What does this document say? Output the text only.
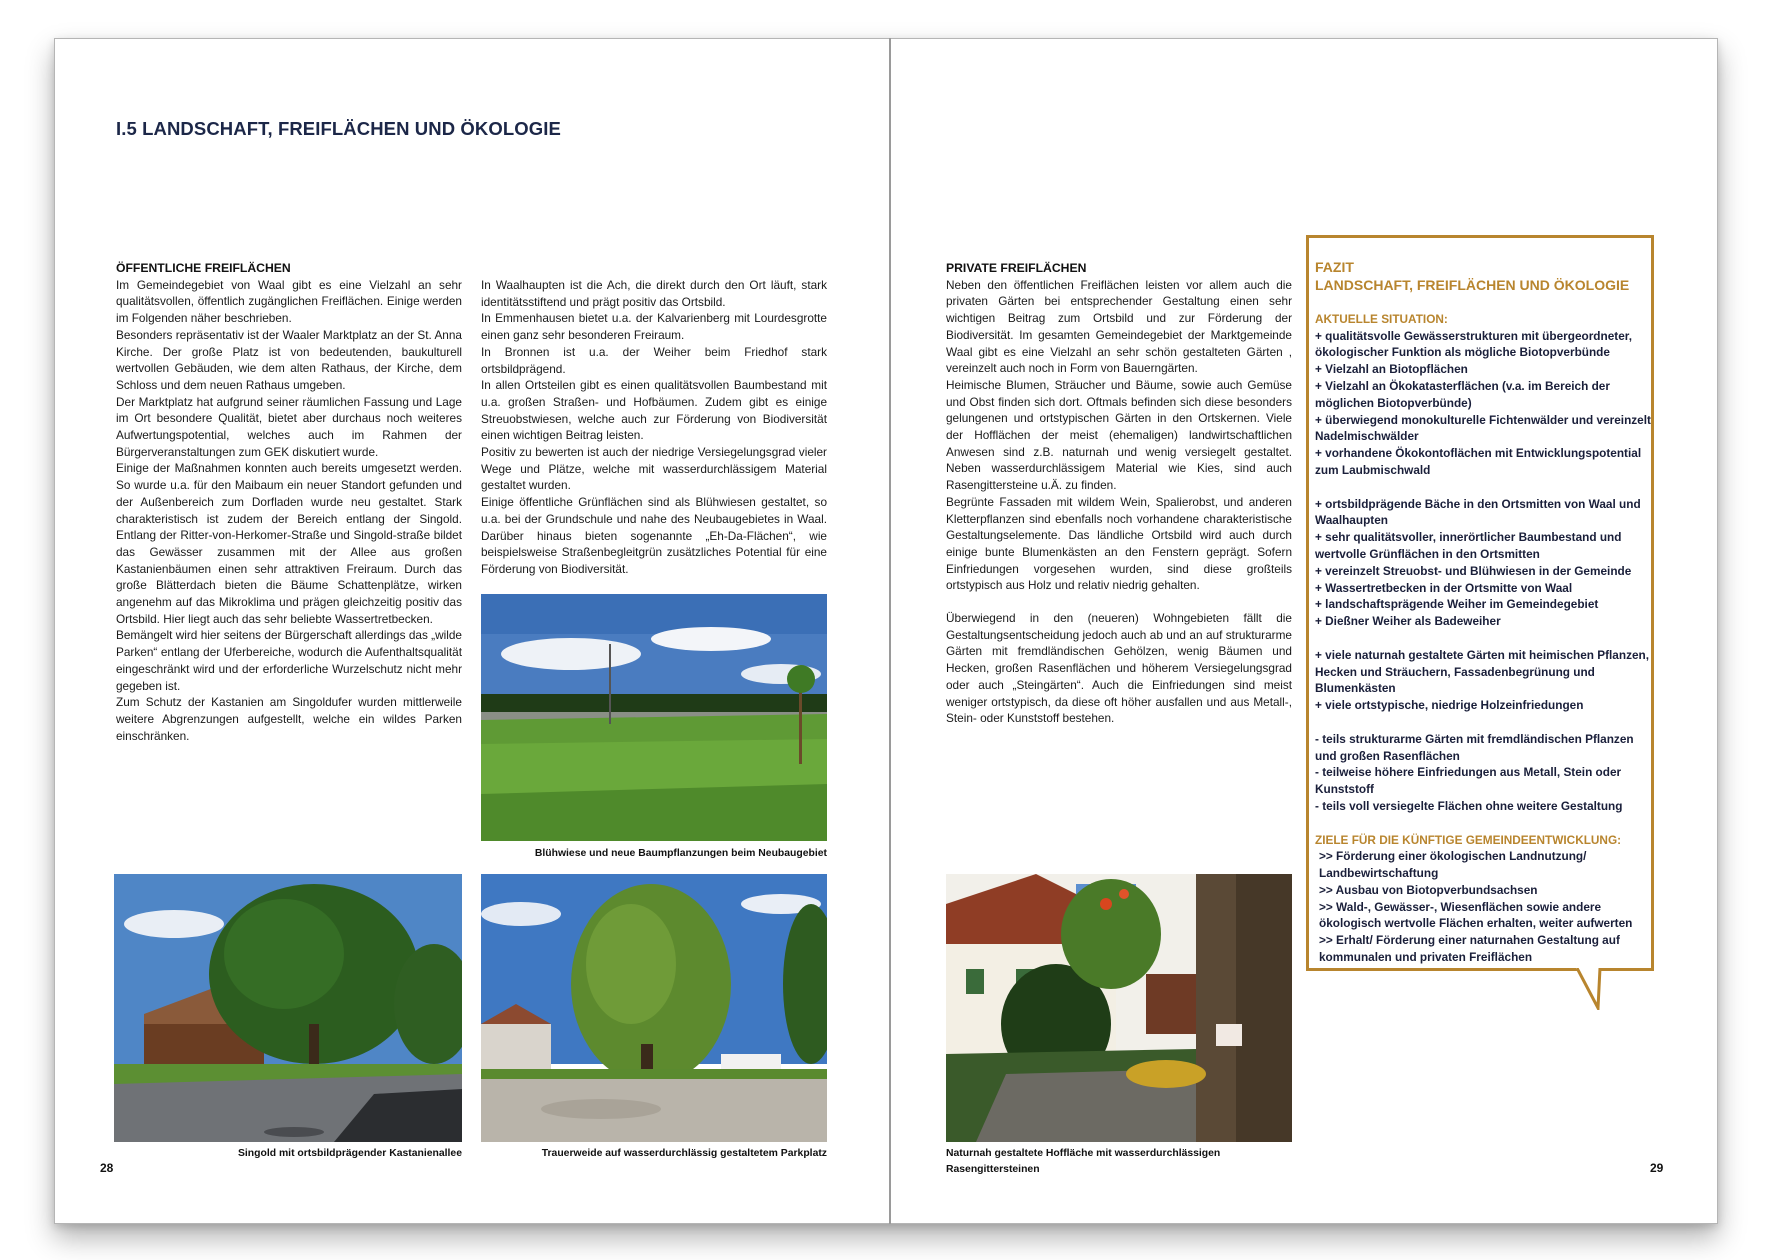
I.5 LANDSCHAFT, FREIFLÄCHEN UND ÖKOLOGIE

ÖFFENTLICHE FREIFLÄCHEN

Im Gemeindegebiet von Waal gibt es eine Vielzahl an sehr qualitätsvollen, öffentlich zugänglichen Freiflächen. Einige werden im Folgenden näher beschrieben.

Besonders repräsentativ ist der Waaler Marktplatz an der St. Anna Kirche. Der große Platz ist von bedeutenden, baukulturell wertvollen Gebäuden, wie dem alten Rathaus, der Kirche, dem Schloss und dem neuen Rathaus umgeben.

Der Marktplatz hat aufgrund seiner räumlichen Fassung und Lage im Ort besondere Qualität, bietet aber durchaus noch weiteres Aufwertungspotential, welches auch im Rahmen der Bürgerveranstaltungen zum GEK diskutiert wurde.

Einige der Maßnahmen konnten auch bereits umgesetzt werden. So wurde u.a. für den Maibaum ein neuer Standort gefunden und der Außenbereich zum Dorfladen wurde neu gestaltet. Stark charakteristisch ist zudem der Bereich entlang der Singold. Entlang der Ritter-von-Herkomer-Straße und Singold-straße bildet das Gewässer zusammen mit der Allee aus großen Kastanienbäumen einen sehr attraktiven Freiraum. Durch das große Blätterdach bieten die Bäume Schattenplätze, wirken angenehm auf das Mikroklima und prägen gleichzeitig positiv das Ortsbild. Hier liegt auch das sehr beliebte Wassertretbecken.

Bemängelt wird hier seitens der Bürgerschaft allerdings das „wilde Parken“ entlang der Uferbereiche, wodurch die Aufenthaltsqualität eingeschränkt wird und der erforderliche Wurzelschutz nicht mehr gegeben ist.

Zum Schutz der Kastanien am Singoldufer wurden mittlerweile weitere Abgrenzungen aufgestellt, welche ein wildes Parken einschränken.

In Waalhaupten ist die Ach, die direkt durch den Ort läuft, stark identitätsstiftend und prägt positiv das Ortsbild.

In Emmenhausen bietet u.a. der Kalvarienberg mit Lourdesgrotte einen ganz sehr besonderen Freiraum.

In Bronnen ist u.a. der Weiher beim Friedhof stark ortsbildprägend.

In allen Ortsteilen gibt es einen qualitätsvollen Baumbestand mit u.a. großen Straßen- und Hofbäumen. Zudem gibt es einige Streuobstwiesen, welche auch zur Förderung von Biodiversität einen wichtigen Beitrag leisten.

Positiv zu bewerten ist auch der niedrige Versiegelungsgrad vieler Wege und Plätze, welche mit wasserdurchlässigem Material gestaltet wurden.

Einige öffentliche Grünflächen sind als Blühwiesen gestaltet, so u.a. bei der Grundschule und nahe des Neubaugebietes in Waal. Darüber hinaus bieten sogenannte „Eh-Da-Flächen“, wie beispielsweise Straßenbegleitgrün zusätzliches Potential für eine Förderung von Biodiversität.

PRIVATE FREIFLÄCHEN

Neben den öffentlichen Freiflächen leisten vor allem auch die privaten Gärten bei entsprechender Gestaltung einen sehr wichtigen Beitrag zum Ortsbild und zur Förderung der Biodiversität. Im gesamten Gemeindegebiet der Marktgemeinde Waal gibt es eine Vielzahl an sehr schön gestalteten Gärten , vereinzelt auch noch in Form von Bauerngärten.

Heimische Blumen, Sträucher und Bäume, sowie auch Gemüse und Obst finden sich dort. Oftmals befinden sich diese besonders gelungenen und ortstypischen Gärten in den Ortskernen. Viele der Hofflächen der meist (ehemaligen) landwirtschaftlichen Anwesen sind z.B. naturnah und wenig versiegelt gestaltet. Neben wasserdurchlässigem Material wie Kies, sind auch Rasengittersteine u.Ä. zu finden.

Begrünte Fassaden mit wildem Wein, Spalierobst, und anderen Kletterpflanzen sind ebenfalls noch vorhandene charakteristische Gestaltungselemente. Das ländliche Ortsbild wird auch durch einige bunte Blumenkästen an den Fenstern geprägt. Sofern Einfriedungen vorgesehen wurden, sind diese großteils ortstypisch aus Holz und relativ niedrig gehalten.

Überwiegend in den (neueren) Wohngebieten fällt die Gestaltungsentscheidung jedoch auch ab und an auf strukturarme Gärten mit fremdländischen Gehölzen, wenig Bäumen und Hecken, großen Rasenflächen und höherem Versiegelungsgrad oder auch „Steingärten“. Auch die Einfriedungen sind meist weniger ortstypisch, da diese oft höher ausfallen und aus Metall-, Stein- oder Kunststoff bestehen.

Blühwiese und neue Baumpflanzungen beim Neubaugebiet
Singold mit ortsbildprägender Kastanienallee	Trauerweide auf wasserdurchlässig gestaltetem Parkplatz	Naturnah gestaltete Hoffläche mit wasserdurchlässigen
Rasengittersteinen
28	29

FAZIT

LANDSCHAFT, FREIFLÄCHEN UND ÖKOLOGIE

AKTUELLE SITUATION:

+ qualitätsvolle Gewässerstrukturen mit übergeordneter, ökologischer Funktion als mögliche Biotopverbünde

+ Vielzahl an Biotopflächen

+ Vielzahl an Ökokatasterflächen (v.a. im Bereich der möglichen Biotopverbünde)

+ überwiegend monokulturelle Fichtenwälder und vereinzelt Nadelmischwälder

+ vorhandene Ökokontoflächen mit Entwicklungspotential zum Laubmischwald

+ ortsbildprägende Bäche in den Ortsmitten von Waal und Waalhaupten

+ sehr qualitätsvoller, innerörtlicher Baumbestand und wertvolle Grünflächen in den Ortsmitten

+ vereinzelt Streuobst- und Blühwiesen in der Gemeinde

+ Wassertretbecken in der Ortsmitte von Waal

+ landschaftsprägende Weiher im Gemeindegebiet

+ Dießner Weiher als Badeweiher

+ viele naturnah gestaltete Gärten mit heimischen Pflanzen, Hecken und Sträuchern, Fassadenbegrünung und Blumenkästen

+ viele ortstypische, niedrige Holzeinfriedungen

- teils strukturarme Gärten mit fremdländischen Pflanzen und großen Rasenflächen

- teilweise höhere Einfriedungen aus Metall, Stein oder Kunststoff

- teils voll versiegelte Flächen ohne weitere Gestaltung

ZIELE FÜR DIE KÜNFTIGE GEMEINDEENTWICKLUNG:

>> Förderung einer ökologischen Landnutzung/ Landbewirtschaftung

>> Ausbau von Biotopverbundsachsen

>> Wald-, Gewässer-, Wiesenflächen sowie andere ökologisch wertvolle Flächen erhalten, weiter aufwerten

>> Erhalt/ Förderung einer naturnahen Gestaltung auf kommunalen und privaten Freiflächen
